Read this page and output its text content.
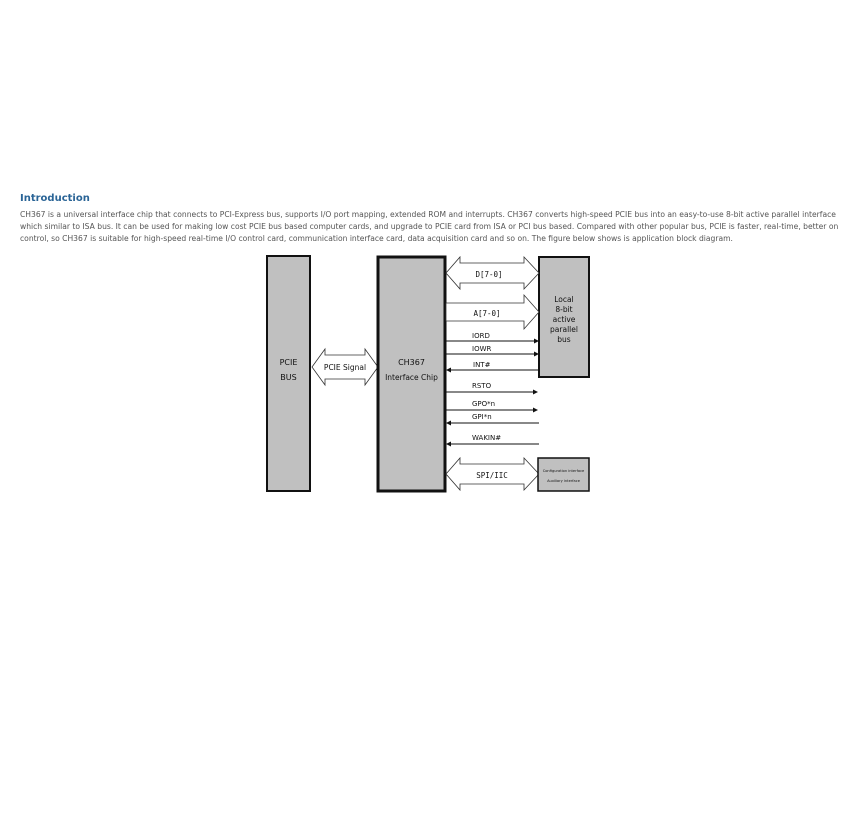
Introduction

CH367 is a universal interface chip that connects to PCI-Express bus, supports I/O port mapping, extended ROM and interrupts. CH367 converts high-speed PCIE bus into an easy-to-use 8-bit active parallel interface which similar to ISA bus. It can be used for making low cost PCIE bus based computer cards, and upgrade to PCIE card from ISA or PCI bus based. Compared with other popular bus, PCIE is faster, real-time, better on control, so CH367 is suitable for high-speed real-time I/O control card, communication interface card, data acquisition card and so on. The figure below shows is application block diagram.

PCIE
BUS
PCIE Signal
CH367
Interface Chip
Local
8-bit
active
parallel
bus
D[7-0]
A[7-0]
IORD
IOWR
INT#
RSTO
GPO*n
GPI*n
WAKIN#
SPI/IIC	Configuration interface
Auxiliary interface
